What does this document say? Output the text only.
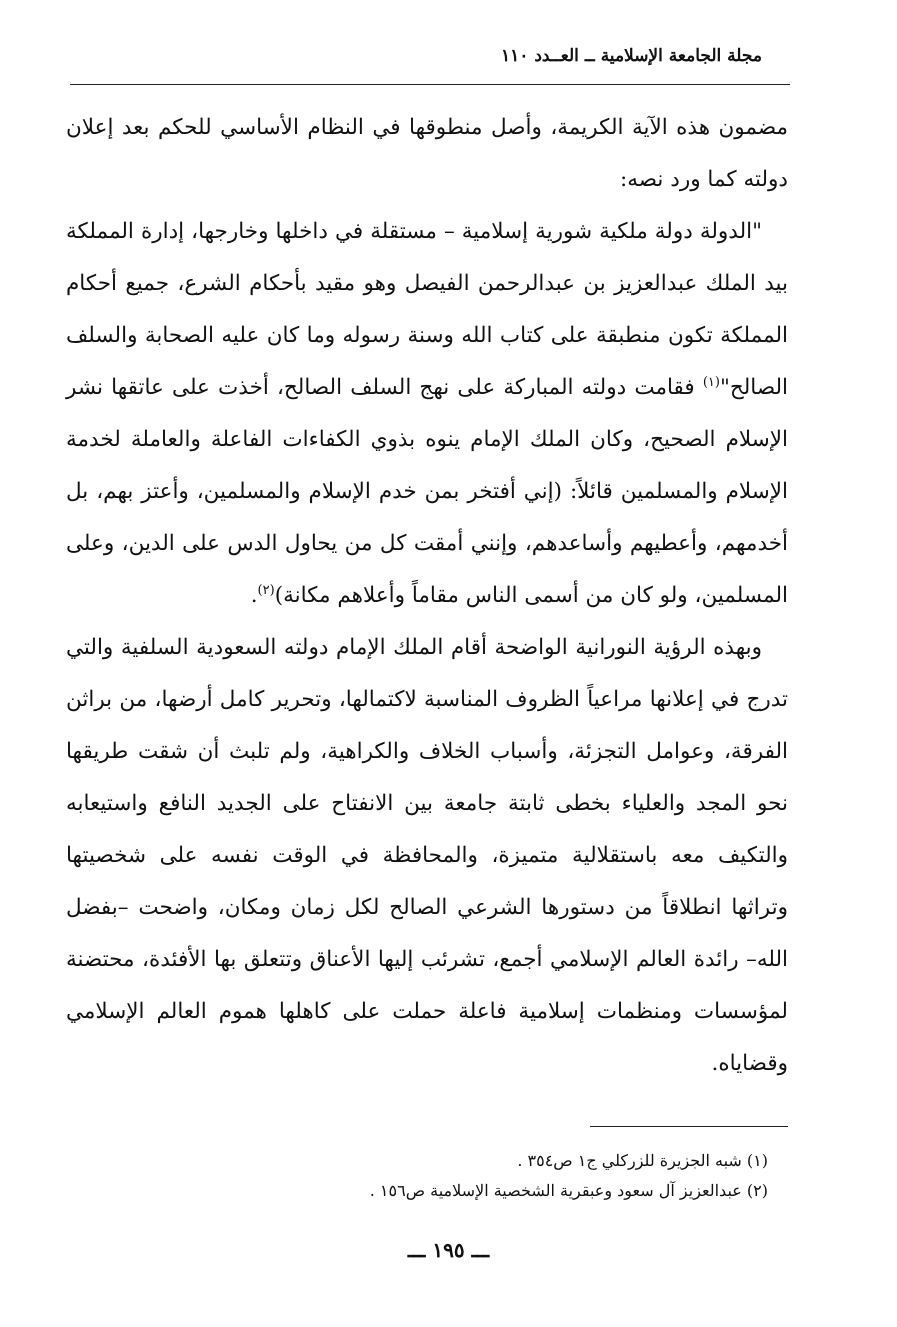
مجلة الجامعة الإسلامية ــ العــدد ١١٠

مضمون هذه الآية الكريمة، وأصل منطوقها في النظام الأساسي للحكم بعد إعلان دولته كما ورد نصه:

"الدولة دولة ملكية شورية إسلامية – مستقلة في داخلها وخارجها، إدارة المملكة بيد الملك عبدالعزيز بن عبدالرحمن الفيصل وهو مقيد بأحكام الشرع، جميع أحكام المملكة تكون منطبقة على كتاب الله وسنة رسوله وما كان عليه الصحابة والسلف الصالح"$^{(١)}$ فقامت دولته المباركة على نهج السلف الصالح، أخذت على عاتقها نشر الإسلام الصحيح، وكان الملك الإمام ينوه بذوي الكفاءات الفاعلة والعاملة لخدمة الإسلام والمسلمين قائلاً: (إني أفتخر بمن خدم الإسلام والمسلمين، وأعتز بهم، بل أخدمهم، وأعطيهم وأساعدهم، وإنني أمقت كل من يحاول الدس على الدين، وعلى المسلمين، ولو كان من أسمى الناس مقاماً وأعلاهم مكانة)$^{(٢)}$.

وبهذه الرؤية النورانية الواضحة أقام الملك الإمام دولته السعودية السلفية والتي تدرج في إعلانها مراعياً الظروف المناسبة لاكتمالها، وتحرير كامل أرضها، من براثن الفرقة، وعوامل التجزئة، وأسباب الخلاف والكراهية، ولم تلبث أن شقت طريقها نحو المجد والعلياء بخطى ثابتة جامعة بين الانفتاح على الجديد النافع واستيعابه والتكيف معه باستقلالية متميزة، والمحافظة في الوقت نفسه على شخصيتها وتراثها انطلاقاً من دستورها الشرعي الصالح لكل زمان ومكان، واضحت –بفضل الله– رائدة العالم الإسلامي أجمع، تشرئب إليها الأعناق وتتعلق بها الأفئدة، محتضنة لمؤسسات ومنظمات إسلامية فاعلة حملت على كاهلها هموم العالم الإسلامي وقضاياه.

(١) شبه الجزيرة للزركلي ج١ ص٣٥٤ .

(٢) عبدالعزيز آل سعود وعبقرية الشخصية الإسلامية ص١٥٦ .

ـــ ١٩٥ ـــ
